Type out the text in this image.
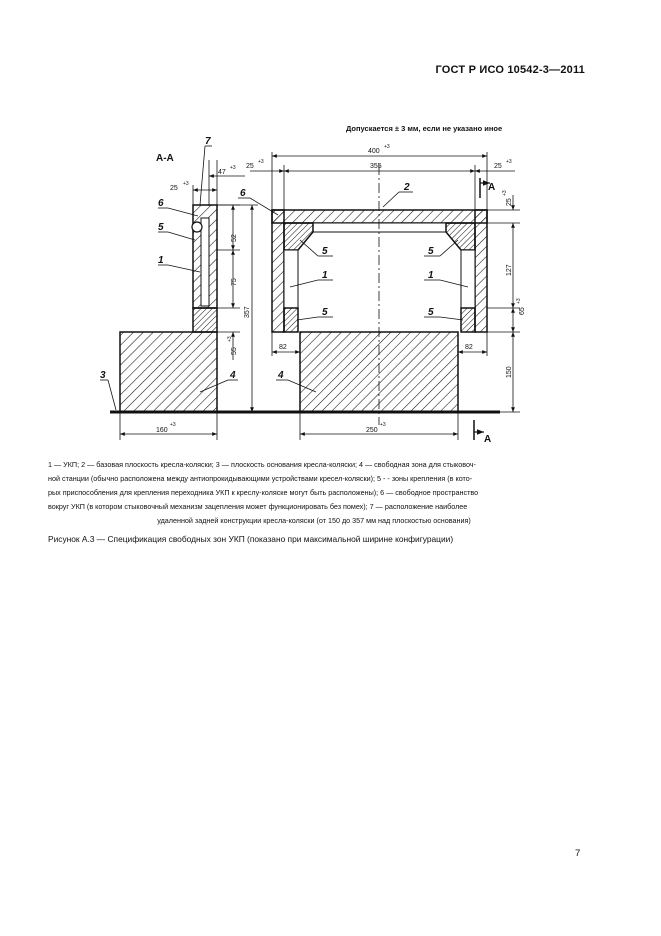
ГОСТ Р ИСО 10542-3—2011
Допускается ± 3 мм, если не указано иное
А-А
47
+3
25
+3
52
75
55
+3
357
160
+3
7
6
5
1
3	4
400
+3
355
25
+3
25
+3
А
А
25
+3
127
65
+3
150
82	82
250
+3
2
6
5	5
1	1
5	5
4
1 — УКП; 2 — базовая плоскость кресла-коляски; 3 — плоскость основания кресла-коляски; 4 — свободная зона для стыковоч-
ной станции (обычно расположена между антиопрокидывающими устройствами кресел-коляски); 5 - - зоны крепления (в кото-
рых приспособления для крепления переходника УКП к креслу-коляске могут быть расположены); 6 — свободное пространство
вокруг УКП (в котором стыковочный механизм зацепления может функционировать без помех); 7 — расположение наиболее
удаленной задней конструкции кресла-коляски (от 150 до 357 мм над плоскостью основания)
Рисунок А.3 — Спецификация свободных зон УКП (показано при максимальной ширине конфигурации)
7
